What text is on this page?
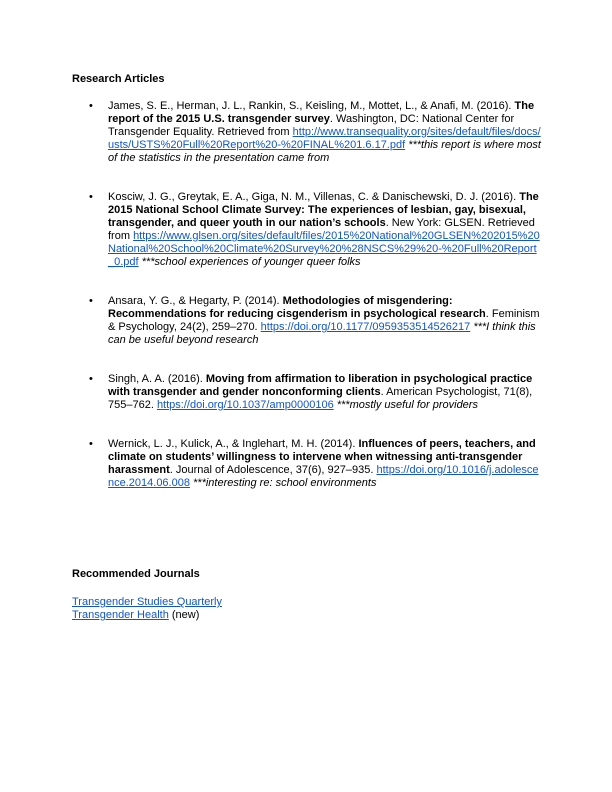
Research Articles
• James, S. E., Herman, J. L., Rankin, S., Keisling, M., Mottet, L., & Anafi, M. (2016). The report of the 2015 U.S. transgender survey. Washington, DC: National Center for Transgender Equality. Retrieved from http://www.transequality.org/sites/default/files/docs/usts/USTS%20Full%20Report%20-%20FINAL%201.6.17.pdf ***this report is where most of the statistics in the presentation came from
• Kosciw, J. G., Greytak, E. A., Giga, N. M., Villenas, C. & Danischewski, D. J. (2016). The 2015 National School Climate Survey: The experiences of lesbian, gay, bisexual, transgender, and queer youth in our nation’s schools. New York: GLSEN. Retrieved from https://www.glsen.org/sites/default/files/2015%20National%20GLSEN%202015%20National%20School%20Climate%20Survey%20%28NSCS%29%20-%20Full%20Report_0.pdf ***school experiences of younger queer folks
• Ansara, Y. G., & Hegarty, P. (2014). Methodologies of misgendering: Recommendations for reducing cisgenderism in psychological research. Feminism & Psychology, 24(2), 259–270. https://doi.org/10.1177/0959353514526217 ***I think this can be useful beyond research
• Singh, A. A. (2016). Moving from affirmation to liberation in psychological practice with transgender and gender nonconforming clients. American Psychologist, 71(8), 755–762. https://doi.org/10.1037/amp0000106 ***mostly useful for providers
• Wernick, L. J., Kulick, A., & Inglehart, M. H. (2014). Influences of peers, teachers, and climate on students’ willingness to intervene when witnessing anti-transgender harassment. Journal of Adolescence, 37(6), 927–935. https://doi.org/10.1016/j.adolescence.2014.06.008 ***interesting re: school environments
Recommended Journals
Transgender Studies Quarterly
Transgender Health (new)
